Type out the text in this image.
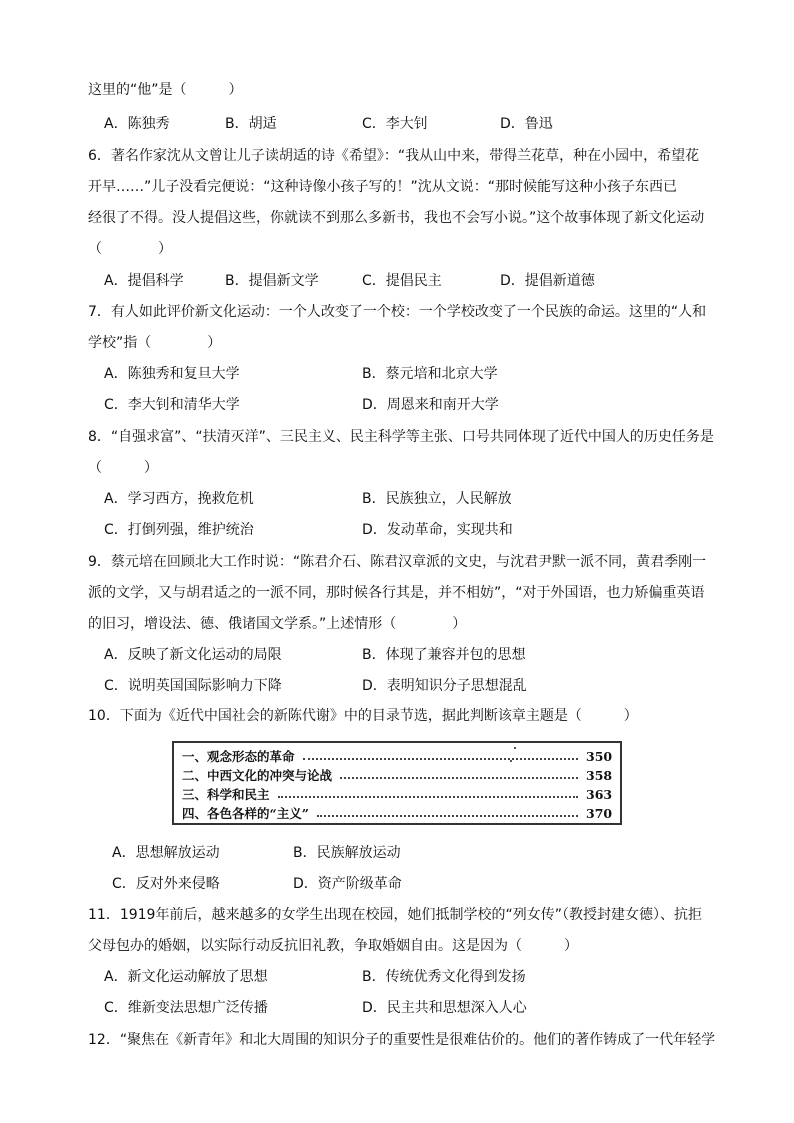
这里的“他”是（　　　）
A．陈独秀	B．胡适	C．李大钊	D．鲁迅
6．著名作家沈从文曾让儿子读胡适的诗《希望》：“我从山中来，带得兰花草，种在小园中，希望花
开早……”儿子没看完便说：“这种诗像小孩子写的！”沈从文说：“那时候能写这种小孩子东西已
经很了不得。没人提倡这些，你就读不到那么多新书，我也不会写小说。”这个故事体现了新文化运动
（　　　　）
A．提倡科学	B．提倡新文学	C．提倡民主	D．提倡新道德
7．有人如此评价新文化运动：一个人改变了一个校：一个学校改变了一个民族的命运。这里的“人和
学校”指（　　　　）
A．陈独秀和复旦大学	B．蔡元培和北京大学
C．李大钊和清华大学	D．周恩来和南开大学
8．“自强求富”、“扶清灭洋”、三民主义、民主科学等主张、口号共同体现了近代中国人的历史任务是
（　　　）
A．学习西方，挽救危机	B．民族独立，人民解放
C．打倒列强，维护统治	D．发动革命，实现共和
9．蔡元培在回顾北大工作时说：“陈君介石、陈君汉章派的文史，与沈君尹默一派不同，黄君季刚一
派的文学，又与胡君适之的一派不同，那时候各行其是，并不相妨”，“对于外国语，也力矫偏重英语
的旧习，增设法、德、俄诸国文学系。”上述情形（　　　　）
A．反映了新文化运动的局限	B．体现了兼容并包的思想
C．说明英国国际影响力下降	D．表明知识分子思想混乱
10．下面为《近代中国社会的新陈代谢》中的目录节选，据此判断该章主题是（　　　）
一、观念形态的革命	350
二、中西文化的冲突与论战	358
三、科学和民主	363
四、各色各样的“主义”	370
A．思想解放运动	B．民族解放运动
C．反对外来侵略	D．资产阶级革命
11．1919年前后，越来越多的女学生出现在校园，她们抵制学校的“列女传”（教授封建女德）、抗拒
父母包办的婚姻，以实际行动反抗旧礼教，争取婚姻自由。这是因为（　　　）
A．新文化运动解放了思想	B．传统优秀文化得到发扬
C．维新变法思想广泛传播	D．民主共和思想深入人心
12．“聚焦在《新青年》和北大周围的知识分子的重要性是很难估价的。他们的著作铸成了一代年轻学
